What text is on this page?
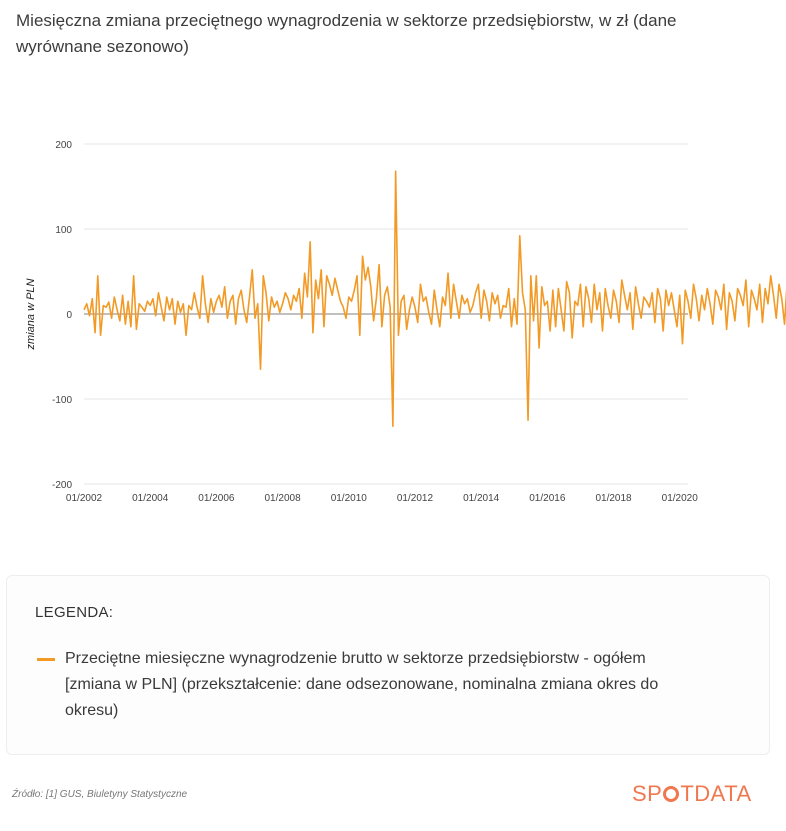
Miesięczna zmiana przeciętnego wynagrodzenia w sektorze przedsiębiorstw, w zł (dane wyrównane sezonowo)
200
100
0
-100
-200
01/2002	01/2004	01/2006	01/2008	01/2010	01/2012	01/2014	01/2016	01/2018	01/2020
zmiana w PLN
LEGENDA:
Przeciętne miesięczne wynagrodzenie brutto w sektorze przedsiębiorstw - ogółem [zmiana w PLN] (przekształcenie: dane odsezonowane, nominalna zmiana okres do okresu)
Źródło: [1] GUS, Biuletyny Statystyczne	SP TDATA
